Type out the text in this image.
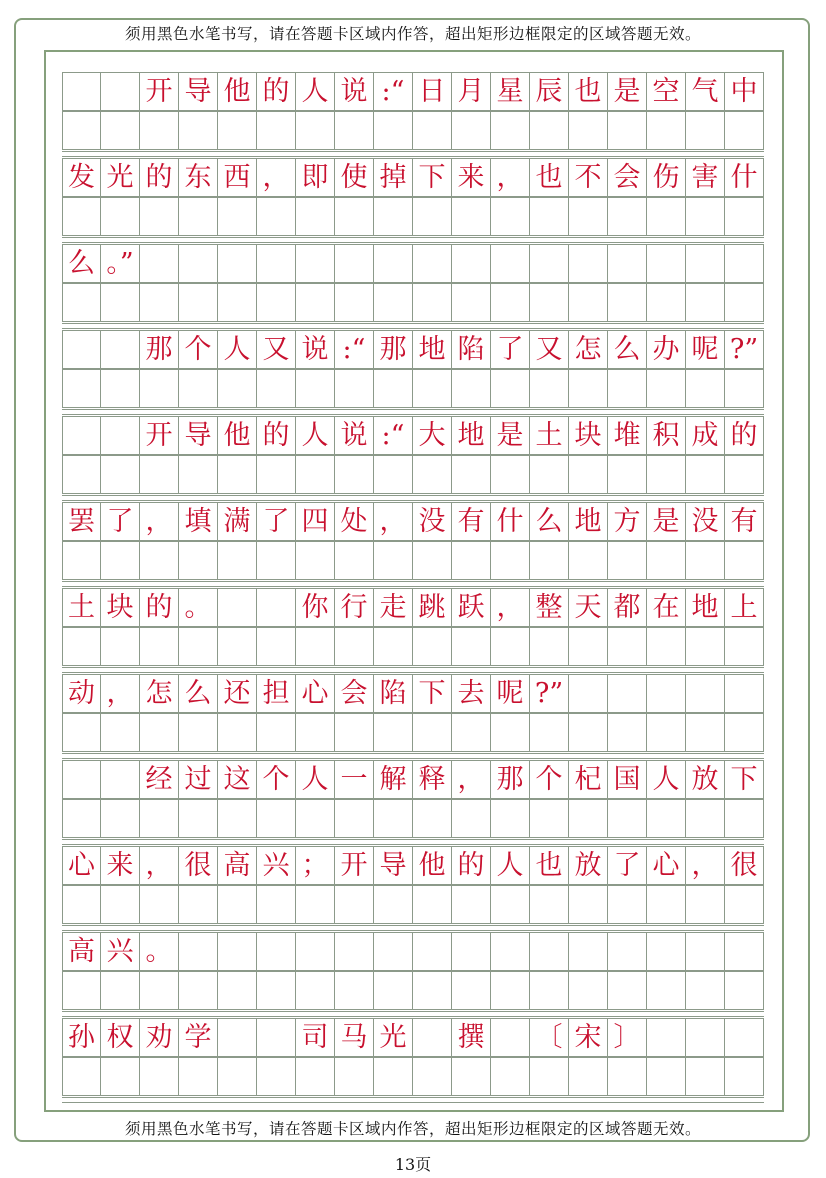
须用黑色水笔书写，请在答题卡区域内作答，超出矩形边框限定的区域答题无效。
开 导 他 的 人 说 :“ 日 月 星 辰 也 是 空 气 中
发 光 的 东 西 ， 即 使 掉 下 来 ， 也 不 会 伤 害 什
么 。”
那 个 人 又 说 :“ 那 地 陷 了 又 怎 么 办 呢 ?”
开 导 他 的 人 说 :“ 大 地 是 土 块 堆 积 成 的
罢 了 ， 填 满 了 四 处 ， 没 有 什 么 地 方 是 没 有
土 块 的 。	你 行 走 跳 跃 ， 整 天 都 在 地 上
动 ， 怎 么 还 担 心 会 陷 下 去 呢 ?”
经 过 这 个 人 一 解 释 ， 那 个 杞 国 人 放 下
心 来 ， 很 高 兴 ； 开 导 他 的 人 也 放 了 心 ， 很
高 兴 。
孙 权 劝 学	司 马 光 撰 〔 宋 〕
须用黑色水笔书写，请在答题卡区域内作答，超出矩形边框限定的区域答题无效。
13页
